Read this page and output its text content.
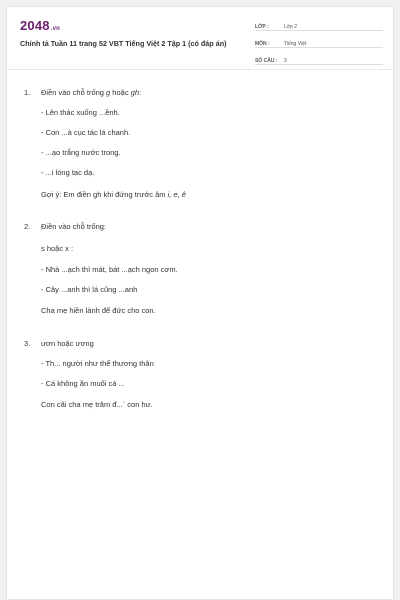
2048.vn
Chính tả Tuần 11 trang 52 VBT Tiếng Việt 2 Tập 1 (có đáp án)
LỚP :	Lớp 2
MÔN :	Tiếng Việt
SỐ CÂU :	3
1. Điền vào chỗ trống g hoặc gh:
- Lên thác xuống ...ềnh.
- Con ...à cục tác lá chanh.
- ...ạo trắng nước trong.
- ...i lòng tạc dạ.
Gợi ý: Em điền gh khi đứng trước âm i, e, ê
2. Điền vào chỗ trống:
s hoặc x :
- Nhà ...ạch thì mát, bát ...ạch ngon cơm.
- Cây ...anh thì lá cũng ...anh
Cha mẹ hiền lành để đức cho con.
3. ươn hoặc ương
- Th... người như thể thương thân
- Cá không ăn muối cá ...
Con cãi cha mẹ trăm đ...` con hư.
